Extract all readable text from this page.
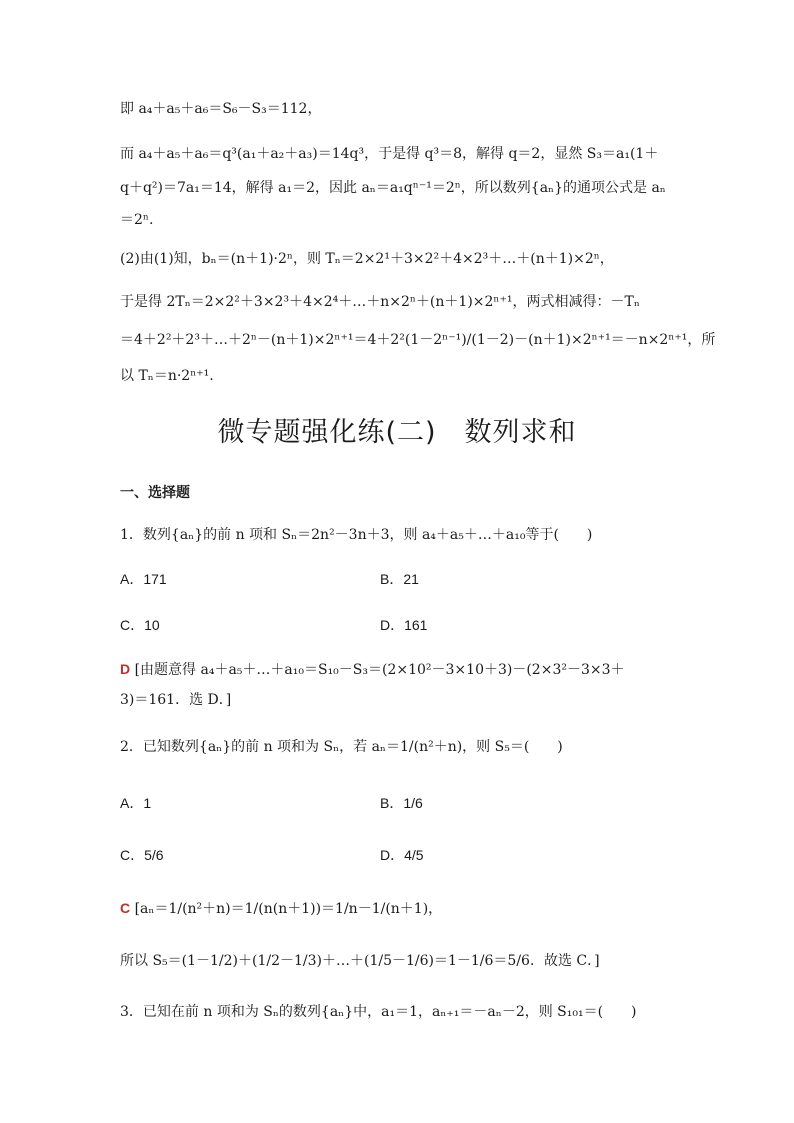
即 a₄＋a₅＋a₆＝S₆－S₃＝112，
而 a₄＋a₅＋a₆＝q³(a₁＋a₂＋a₃)＝14q³，于是得 q³＝8，解得 q＝2，显然 S₃＝a₁(1＋
q＋q²)＝7a₁＝14，解得 a₁＝2，因此 aₙ＝a₁qⁿ⁻¹＝2ⁿ，所以数列{aₙ}的通项公式是 aₙ
＝2ⁿ.
(2)由(1)知，bₙ＝(n＋1)·2ⁿ，则 Tₙ＝2×2¹＋3×2²＋4×2³＋…＋(n＋1)×2ⁿ，
于是得 2Tₙ＝2×2²＋3×2³＋4×2⁴＋…＋n×2ⁿ＋(n＋1)×2ⁿ⁺¹，两式相减得：－Tₙ
＝4＋2²＋2³＋…＋2ⁿ－(n＋1)×2ⁿ⁺¹＝4＋2²(1－2ⁿ⁻¹)/(1－2)－(n＋1)×2ⁿ⁺¹＝－n×2ⁿ⁺¹，所
以 Tₙ＝n·2ⁿ⁺¹.
微专题强化练(二)　数列求和
一、选择题
1．数列{aₙ}的前 n 项和 Sₙ＝2n²－3n＋3，则 a₄＋a₅＋…＋a₁₀等于(　　)
A．171	B．21
C．10	D．161
D [由题意得 a₄＋a₅＋…＋a₁₀＝S₁₀－S₃＝(2×10²－3×10＋3)－(2×3²－3×3＋
3)＝161．选 D．]
2．已知数列{aₙ}的前 n 项和为 Sₙ，若 aₙ＝1/(n²＋n)，则 S₅＝(　　)
A．1	B．1/6
C．5/6	D．4/5
C [aₙ＝1/(n²＋n)＝1/(n(n＋1))＝1/n－1/(n＋1)，
所以 S₅＝(1－1/2)＋(1/2－1/3)＋…＋(1/5－1/6)＝1－1/6＝5/6．故选 C．]
3．已知在前 n 项和为 Sₙ的数列{aₙ}中，a₁＝1，aₙ₊₁＝－aₙ－2，则 S₁₀₁＝(　　)
